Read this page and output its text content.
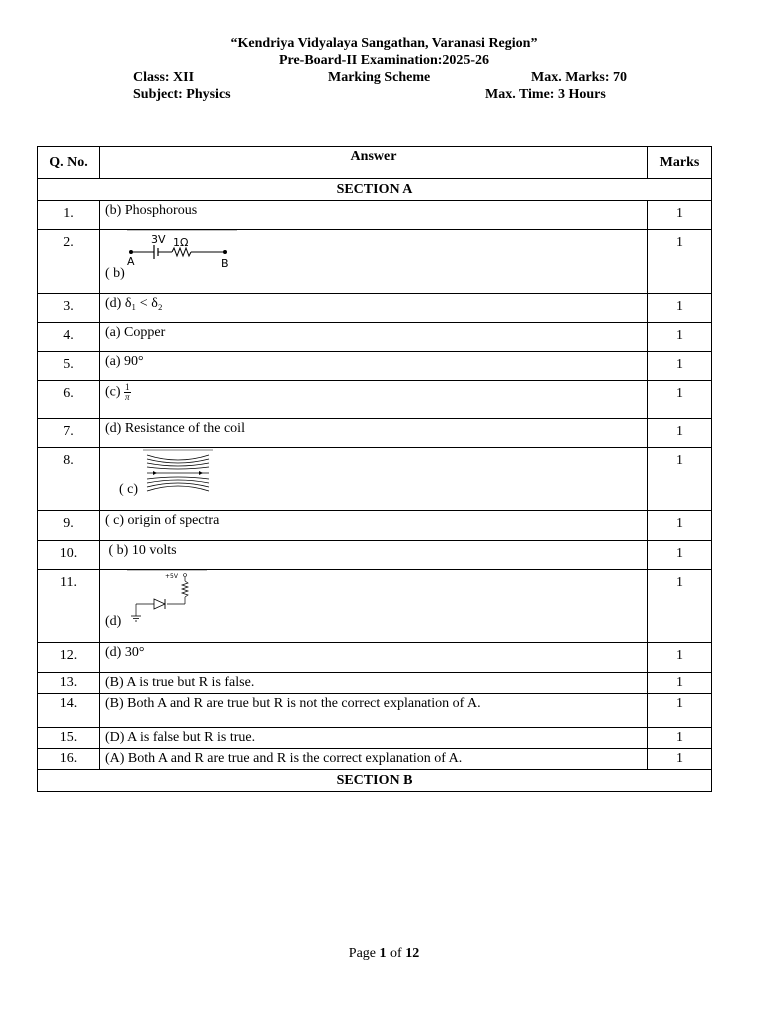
“Kendriya Vidyalaya Sangathan, Varanasi Region”
Pre-Board-II Examination:2025-26
Class: XII	Marking Scheme	Max. Marks: 70
Subject: Physics	Max. Time: 3 Hours
Q. No.	Answer	Marks
SECTION A		
1.	(b) Phosphorous	1
2.	3V 1Ω
A B
( b)	1
3.	(d) δ₁ < δ₂	1
4.	(a) Copper	1
5.	(a) 90°	1
6.	$(c) \frac{1}{\pi}$	1
7.	(d) Resistance of the coil	1
8.	( c)	1
9.	( c) origin of spectra	1
10.	( b) 10 volts	1
11.	+5V
(d)	1
12.	(d) 30°	1
13.	(B) A is true but R is false.	1
14.	(B) Both A and R are true but R is not the correct explanation of A.	1
15.	(D) A is false but R is true.	1
16.	(A) Both A and R are true and R is the correct explanation of A.	1
SECTION B		
Page 1 of 12
